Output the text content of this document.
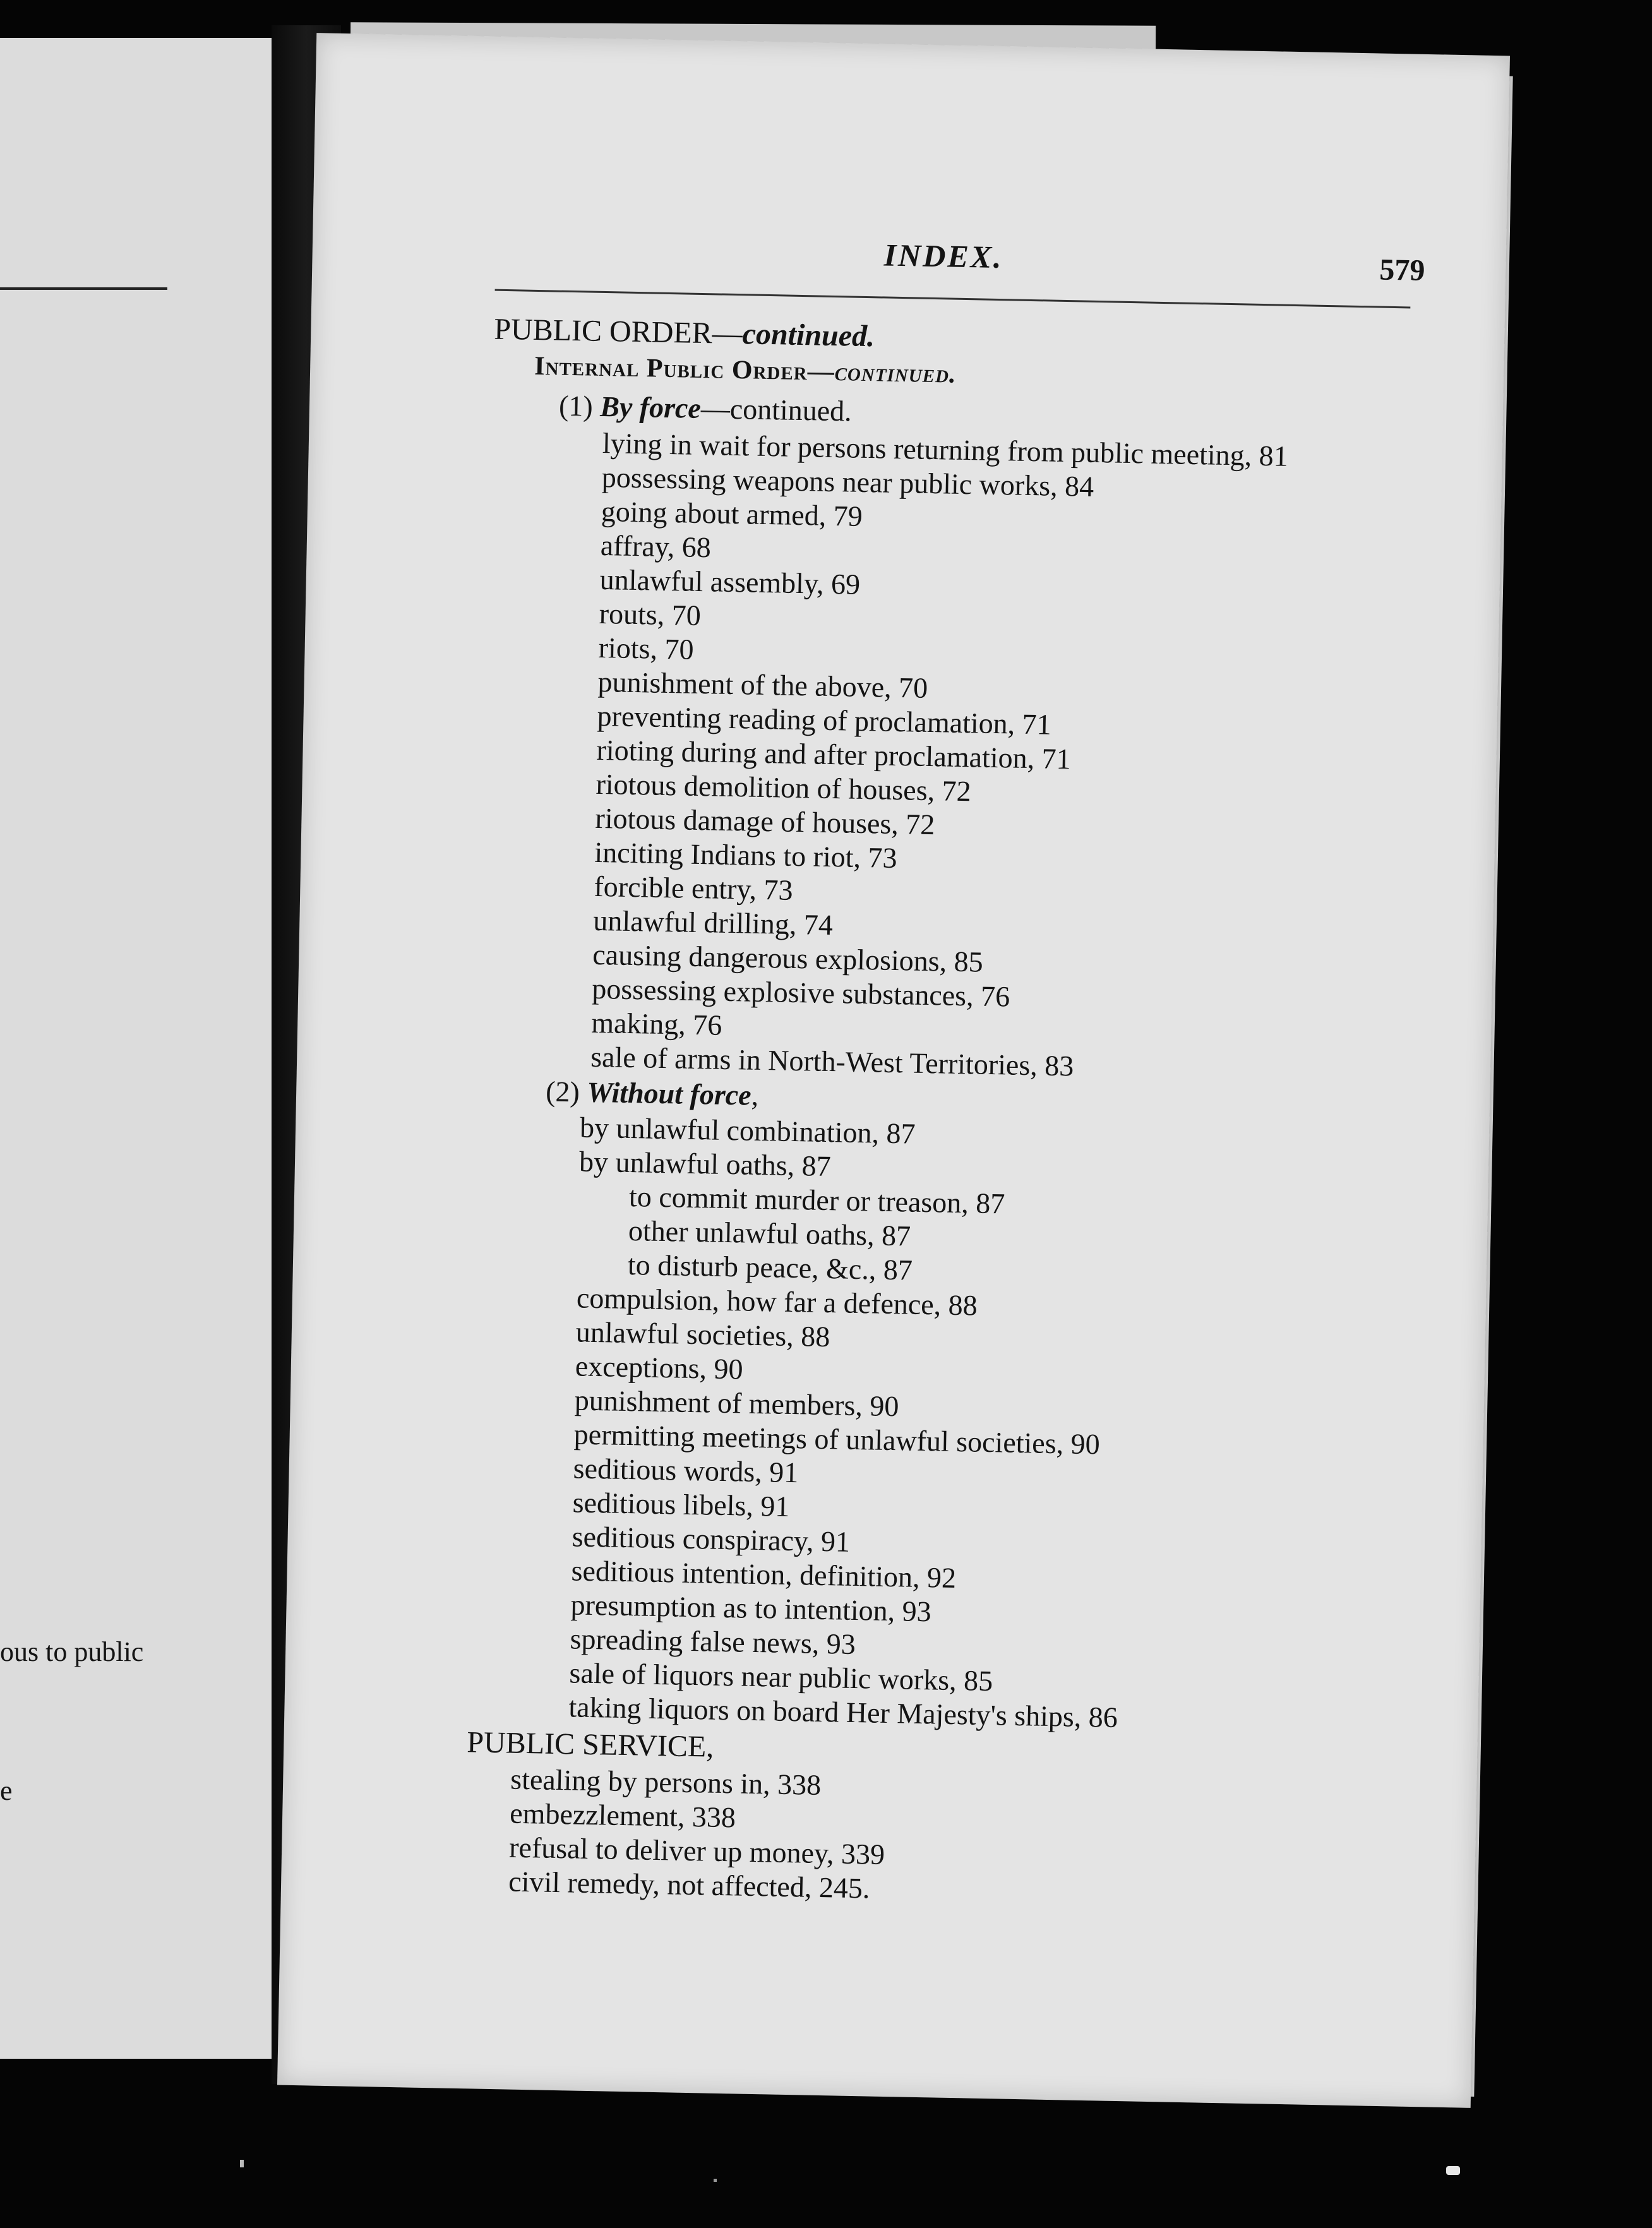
ous to public
e
INDEX.	579
PUBLIC ORDER—continued.
Internal Public Order—continued.
(1) By force—continued.
lying in wait for persons returning from public meeting, 81
possessing weapons near public works, 84
going about armed, 79
affray, 68
unlawful assembly, 69
routs, 70
riots, 70
punishment of the above, 70
preventing reading of proclamation, 71
rioting during and after proclamation, 71
riotous demolition of houses, 72
riotous damage of houses, 72
inciting Indians to riot, 73
forcible entry, 73
unlawful drilling, 74
causing dangerous explosions, 85
possessing explosive substances, 76
making, 76
sale of arms in North-West Territories, 83
(2) Without force,
by unlawful combination, 87
by unlawful oaths, 87
to commit murder or treason, 87
other unlawful oaths, 87
to disturb peace, &c., 87
compulsion, how far a defence, 88
unlawful societies, 88
exceptions, 90
punishment of members, 90
permitting meetings of unlawful societies, 90
seditious words, 91
seditious libels, 91
seditious conspiracy, 91
seditious intention, definition, 92
presumption as to intention, 93
spreading false news, 93
sale of liquors near public works, 85
taking liquors on board Her Majesty's ships, 86
PUBLIC SERVICE,
stealing by persons in, 338
embezzlement, 338
refusal to deliver up money, 339
civil remedy, not affected, 245.
